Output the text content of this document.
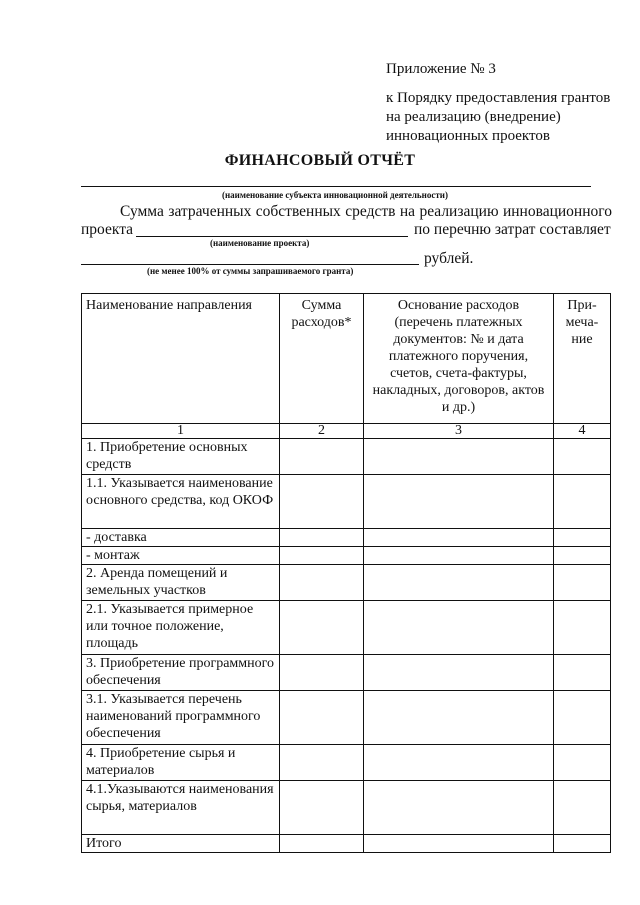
Приложение № 3
к Порядку предоставления грантов
на реализацию (внедрение)
инновационных проектов
ФИНАНСОВЫЙ ОТЧЁТ
(наименование субъекта инновационной деятельности)
Сумма затраченных собственных средств на реализацию инновационного
проекта	по перечню затрат составляет
(наименование проекта)
рублей.
(не менее 100% от суммы запрашиваемого гранта)
Наименование направления	Сумма расходов*	Основание расходов (перечень платежных документов: № и дата платежного поручения, счетов, счета-фактуры, накладных, договоров, актов и др.)	При-меча-ние
1	2	3	4
1. Приобретение основных средств			
1.1. Указывается наименование основного средства, код ОКОФ			
- доставка			
- монтаж			
2. Аренда помещений и земельных участков			
2.1. Указывается примерное или точное положение, площадь			
3. Приобретение программного обеспечения			
3.1. Указывается перечень наименований программного обеспечения			
4. Приобретение сырья и материалов			
4.1.Указываются наименования сырья, материалов			
Итого			
